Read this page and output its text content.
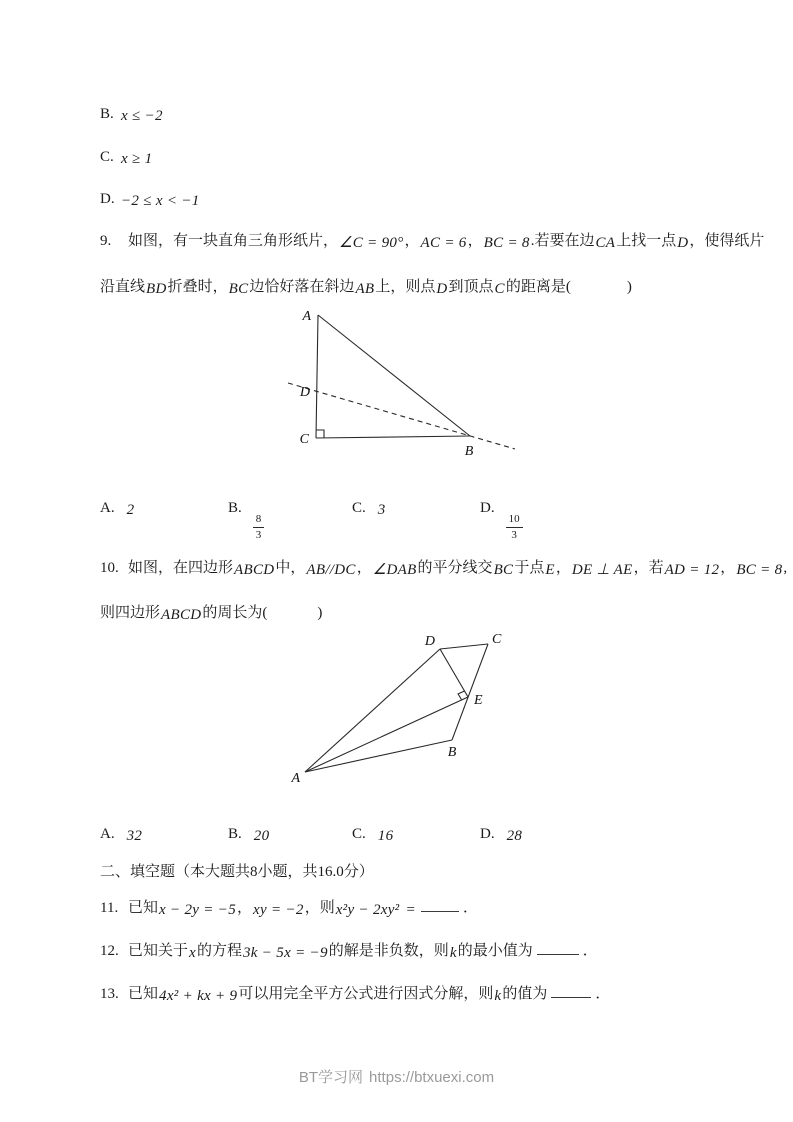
B. x ≤ −2
C. x ≥ 1
D. −2 ≤ x < −1
9. 如图，有一块直角三角形纸片，∠C = 90°，AC = 6，BC = 8.若要在边CA上找一点D，使得纸片
沿直线BD折叠时，BC边恰好落在斜边AB上，则点D到顶点C的距离是(	)
A
D
C
B
A. 2	B.
$\frac{8}{3}$
C. 3	D.
$\frac{10}{3}$
10. 如图，在四边形ABCD中，AB//DC，∠DAB的平分线交BC于点E，DE ⊥ AE，若AD = 12，BC = 8,
则四边形ABCD的周长为(	)
A
B
C
D
E
A. 32	B. 20	C. 16	D. 28
二、填空题（本大题共8小题，共16.0分）
11. 已知x − 2y = −5，xy = −2，则x²y − 2xy² =	．
12. 已知关于x的方程3k − 5x = −9的解是非负数，则k的最小值为	．
13. 已知4x² + kx + 9可以用完全平方公式进行因式分解，则k的值为	．
BT学习网 https://btxuexi.com
